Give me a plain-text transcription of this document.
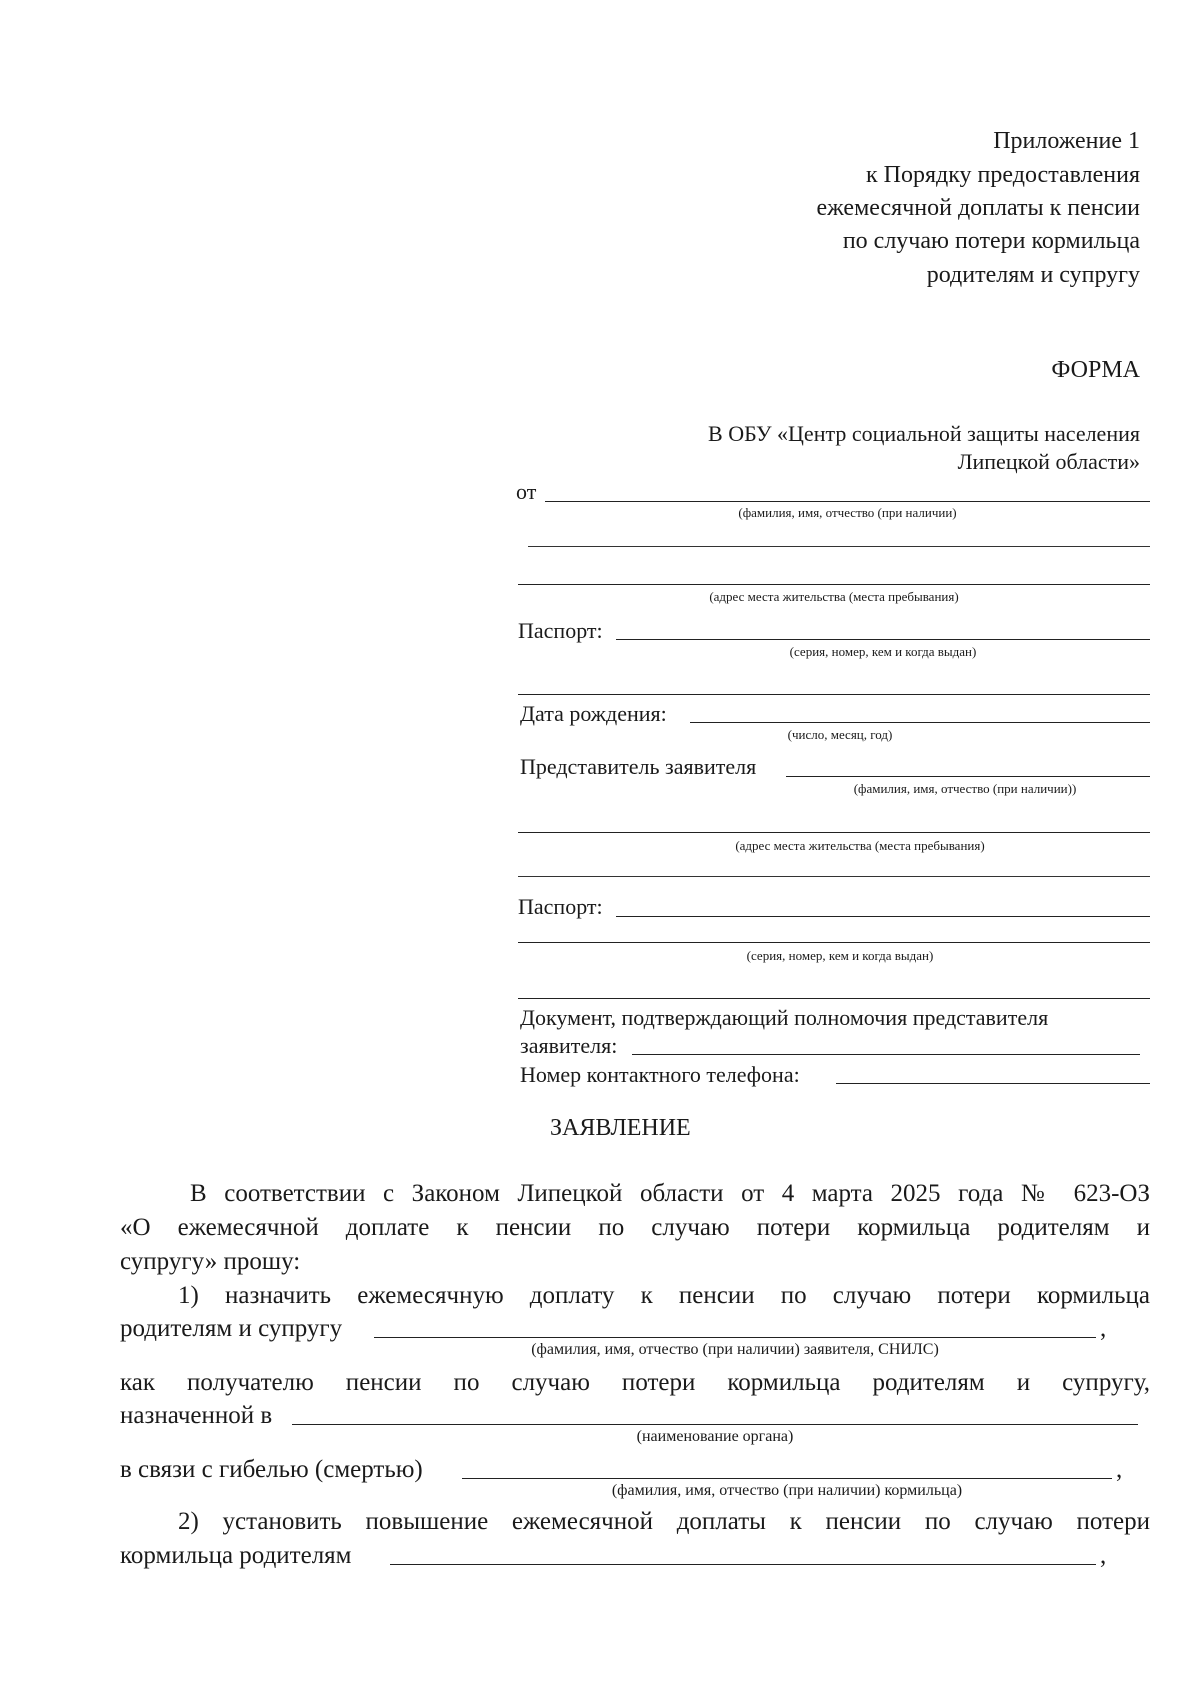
Приложение 1
к Порядку предоставления
ежемесячной доплаты к пенсии
по случаю потери кормильца
родителям и супругу
ФОРМА
В ОБУ «Центр социальной защиты населения
Липецкой области»
от
(фамилия, имя, отчество (при наличии)
(адрес места жительства (места пребывания)
Паспорт:
(серия, номер, кем и когда выдан)
Дата рождения:
(число, месяц, год)
Представитель заявителя
(фамилия, имя, отчество (при наличии))
(адрес места жительства (места пребывания)
Паспорт:
(серия, номер, кем и когда выдан)
Документ, подтверждающий полномочия представителя
заявителя:
Номер контактного телефона:
ЗАЯВЛЕНИЕ
В соответствии с Законом Липецкой области от 4 марта 2025 года № 623-ОЗ
«О ежемесячной доплате к пенсии по случаю потери кормильца родителям и
супругу» прошу:
1) назначить ежемесячную доплату к пенсии по случаю потери кормильца
родителям и супругу	,
(фамилия, имя, отчество (при наличии) заявителя, СНИЛС)
как получателю пенсии по случаю потери кормильца родителям и супругу,
назначенной в
(наименование органа)
в связи с гибелью (смертью)	,
(фамилия, имя, отчество (при наличии) кормильца)
2) установить повышение ежемесячной доплаты к пенсии по случаю потери
кормильца родителям	,
